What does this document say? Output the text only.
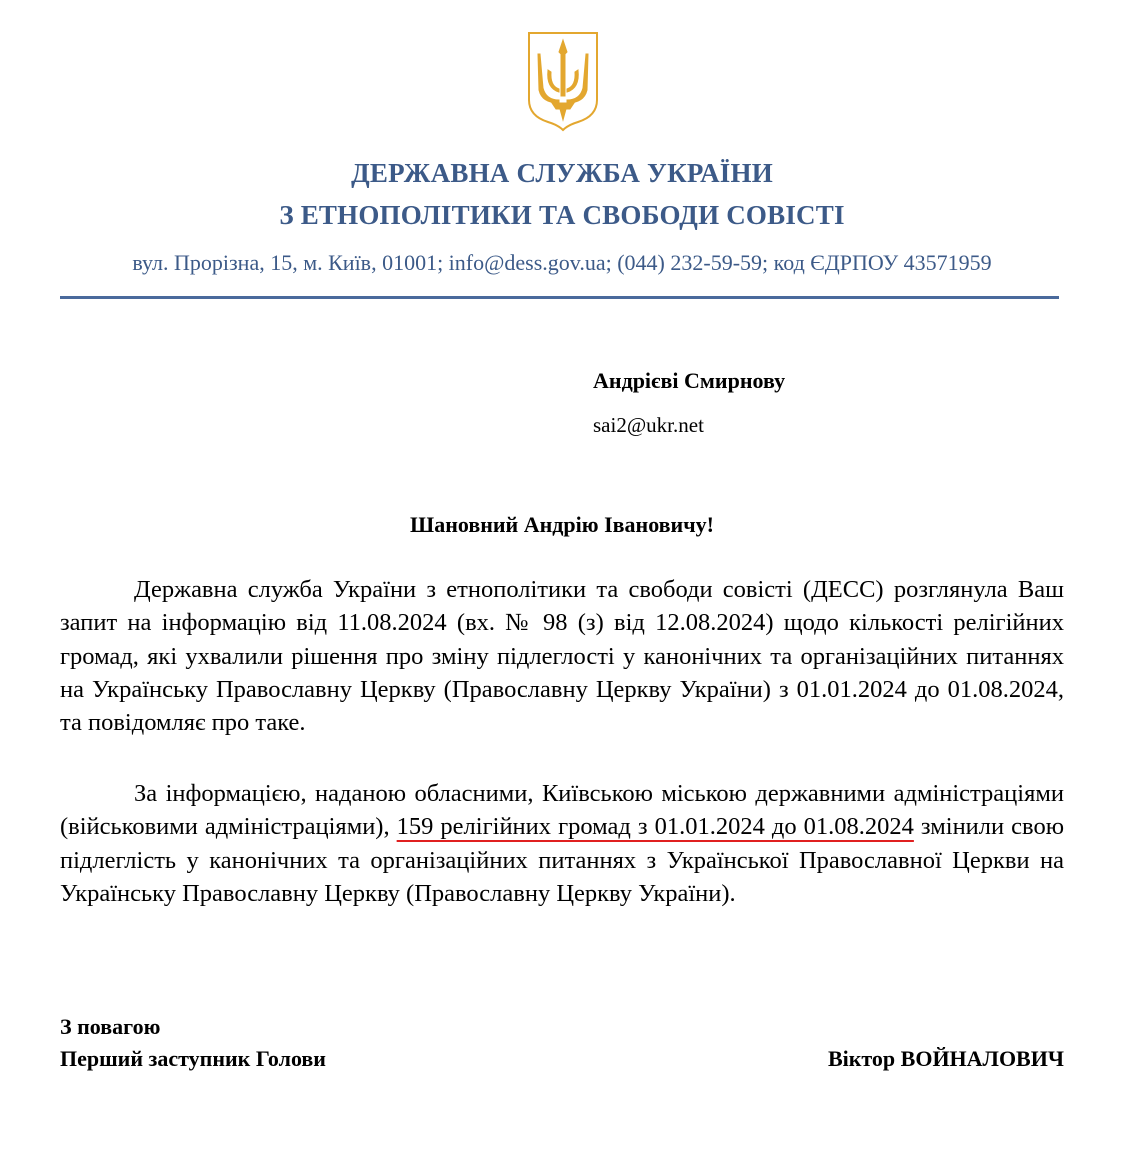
ДЕРЖАВНА СЛУЖБА УКРАЇНИ
З ЕТНОПОЛІТИКИ ТА СВОБОДИ СОВІСТІ
вул. Прорізна, 15, м. Київ, 01001; info@dess.gov.ua; (044) 232-59-59; код ЄДРПОУ 43571959
Андрієві Смирнову
sai2@ukr.net
Шановний Андрію Івановичу!

Державна служба України з етнополітики та свободи совісті (ДЕСС) розглянула Ваш запит на інформацію від 11.08.2024 (вх. № 98 (з) від 12.08.2024) щодо кількості релігійних громад, які ухвалили рішення про зміну підлеглості у канонічних та організаційних питаннях на Українську Православну Церкву (Православну Церкву України) з 01.01.2024 до 01.08.2024, та повідомляє про таке.

За інформацією, наданою обласними, Київською міською державними адміністраціями (військовими адміністраціями), 159 релігійних громад з 01.01.2024 до 01.08.2024 змінили свою підлеглість у канонічних та організаційних питаннях з Української Православної Церкви на Українську Православну Церкву (Православну Церкву України).

З повагою
Перший заступник Голови	Віктор ВОЙНАЛОВИЧ
